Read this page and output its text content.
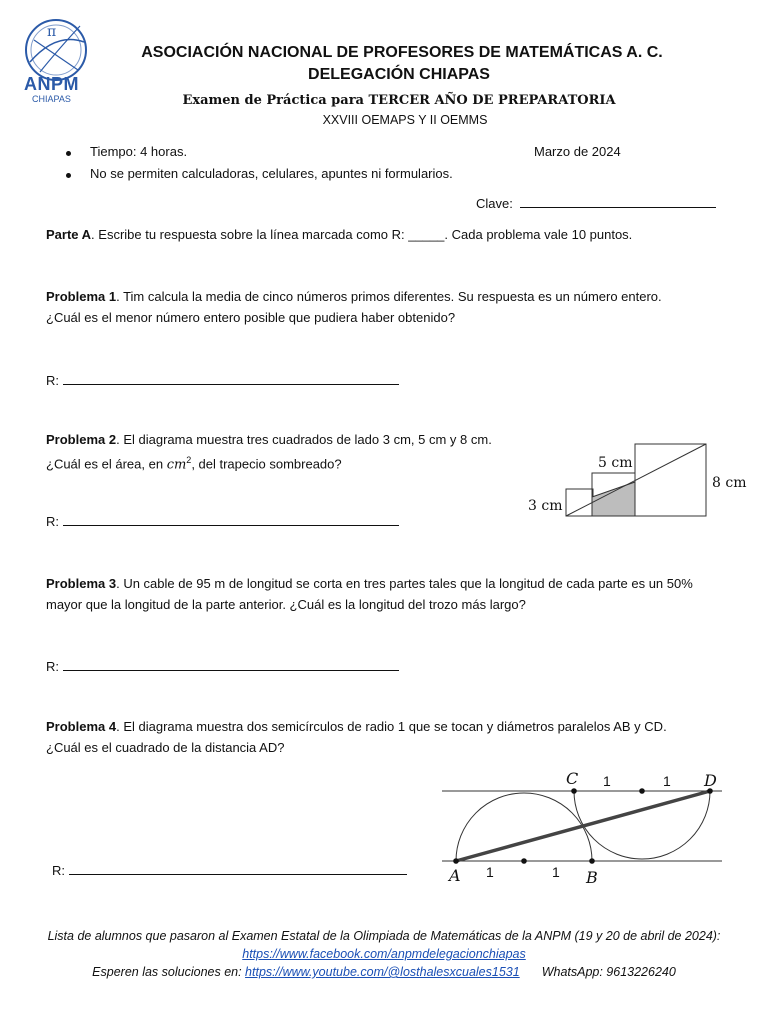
π
ANPM
CHIAPAS
ASOCIACIÓN NACIONAL DE PROFESORES DE MATEMÁTICAS A. C.
DELEGACIÓN CHIAPAS
Examen de Práctica para TERCER AÑO DE PREPARATORIA
XXVIII OEMAPS Y II OEMMS
Tiempo: 4 horas.	Marzo de 2024
No se permiten calculadoras, celulares, apuntes ni formularios.
Clave:
Parte A. Escribe tu respuesta sobre la línea marcada como R: _____. Cada problema vale 10 puntos.
Problema 1. Tim calcula la media de cinco números primos diferentes. Su respuesta es un número entero.
¿Cuál es el menor número entero posible que pudiera haber obtenido?
R:
Problema 2. El diagrama muestra tres cuadrados de lado 3 cm, 5 cm y 8 cm.
¿Cuál es el área, en $cm^2$, del trapecio sombreado?
3 cm
5 cm
8 cm
R:
Problema 3. Un cable de 95 m de longitud se corta en tres partes tales que la longitud de cada parte es un 50%
mayor que la longitud de la parte anterior. ¿Cuál es la longitud del trozo más largo?
R:
Problema 4. El diagrama muestra dos semicírculos de radio 1 que se tocan y diámetros paralelos AB y CD.
¿Cuál es el cuadrado de la distancia AD?
A	B
C	D
1	1
1	1
R:
Lista de alumnos que pasaron al Examen Estatal de la Olimpiada de Matemáticas de la ANPM (19 y 20 de abril de 2024):
https://www.facebook.com/anpmdelegacionchiapas
Esperen las soluciones en: https://www.youtube.com/@losthalesxcuales1531 WhatsApp: 9613226240
